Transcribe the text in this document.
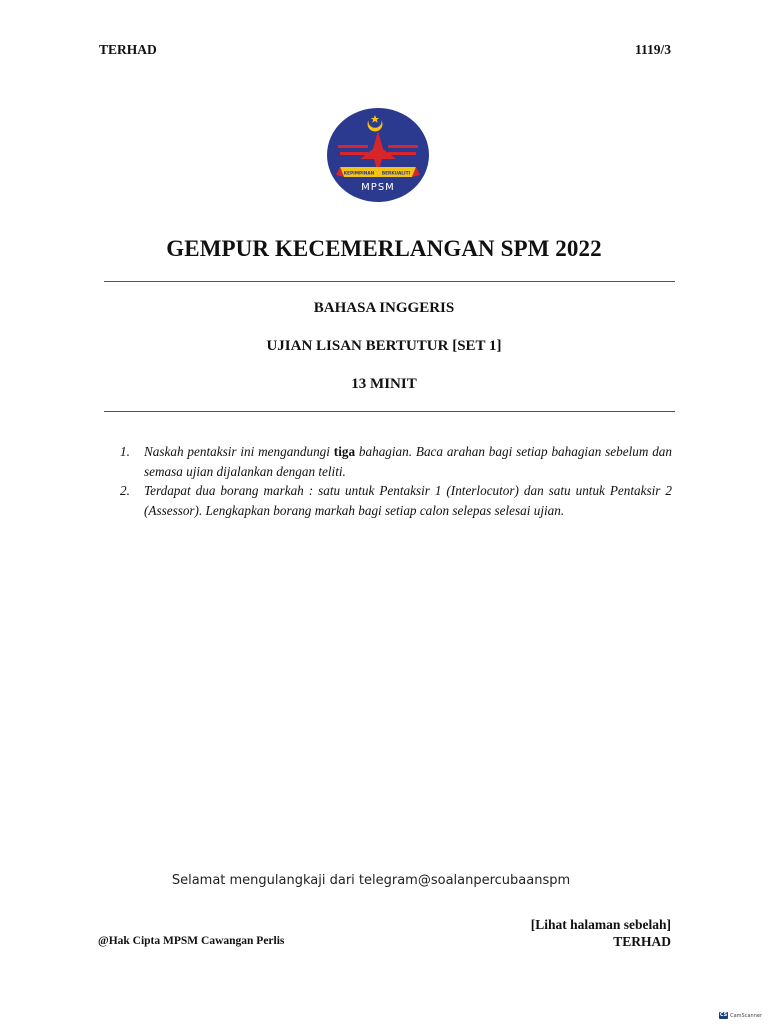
TERHAD	1119/3
KEPIMPINAN BERKUALITI
MPSM
GEMPUR KECEMERLANGAN SPM 2022
BAHASA INGGERIS
UJIAN LISAN BERTUTUR [SET 1]
13 MINIT
1. Naskah pentaksir ini mengandungi tiga bahagian. Baca arahan bagi setiap bahagian sebelum dan semasa ujian dijalankan dengan teliti.
2. Terdapat dua borang markah : satu untuk Pentaksir 1 (Interlocutor) dan satu untuk Pentaksir 2 (Assessor). Lengkapkan borang markah bagi setiap calon selepas selesai ujian.
Selamat mengulangkaji dari telegram@soalanpercubaanspm
[Lihat halaman sebelah]
TERHAD
@Hak Cipta MPSM Cawangan Perlis
CS CamScanner
